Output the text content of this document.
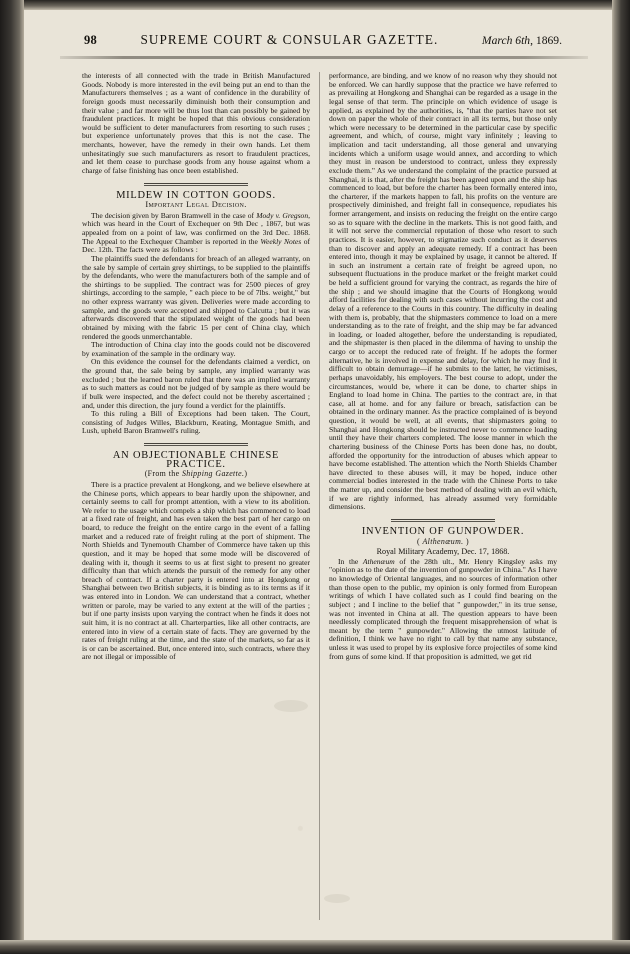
98	SUPREME COURT & CONSULAR GAZETTE.	March 6th, 1869.

the interests of all connected with the trade in British Manufactured Goods. Nobody is more interested in the evil being put an end to than the Manufacturers themselves ; as a want of confidence in the durability of foreign goods must necessarily diminuish both their consumption and their value ; and far more will be thus lost than can possibly be gained by fraudulent practices. It might be hoped that this obvious consideration would be sufficient to deter manufacturers from resorting to such ruses ; but experience unfortunately proves that this is not the case. The merchants, however, have the remedy in their own hands. Let them unhesitatingly sue such manufacturers as resort to fraudulent practices, and let them cease to purchase goods from any house against whom a charge of false finishing has once been established.

MILDEW IN COTTON GOODS.
Important Legal Decision.

The decision given by Baron Bramwell in the case of Mody v. Gregson, which was heard in the Court of Exchequer on 9th Dec , 1867, but was appealed from on a point of law, was confirmed on the 3rd Dec. 1868. The Appeal to the Exchequer Chamber is reported in the Weekly Notes of Dec. 12th. The facts were as follows :

The plaintiffs sued the defendants for breach of an alleged warranty, on the sale by sample of certain grey shirtings, to be supplied to the plaintiffs by the defendants, who were the manufacturers both of the sample and of the shirtings to be supplied. The contract was for 2500 pieces of grey shirtings, according to the sample, " each piece to be of 7lbs. weight," but no other express warranty was given. Deliveries were made according to sample, and the goods were accepted and shipped to Calcutta ; but it was afterwards discovered that the stipulated weight of the goods had been obtained by mixing with the fabric 15 per cent of China clay, which rendered the goods unmerchantable.

The introduction of China clay into the goods could not be discovered by examination of the sample in the ordinary way.

On this evidence the counsel for the defendants claimed a verdict, on the ground that, the sale being by sample, any implied warranty was excluded ; but the learned baron ruled that there was an implied warranty as to such matters as could not be judged of by sample as there would be if bulk were inspected, and the defect could not be thereby ascertained ; and, under this direction, the jury found a verdict for the plaintiffs.

To this ruling a Bill of Exceptions had been taken. The Court, consisting of Judges Willes, Blackburn, Keating, Montague Smith, and Lush, upheld Baron Bramwell's ruling.

AN OBJECTIONABLE CHINESE PRACTICE.
(From the Shipping Gazette.)

There is a practice prevalent at Hongkong, and we believe elsewhere at the Chinese ports, which appears to bear hardly upon the shipowner, and certainly seems to call for prompt attention, with a view to its abolition. We refer to the usage which compels a ship which has commenced to load at a fixed rate of freight, and has even taken the best part of her cargo on board, to reduce the freight on the entire cargo in the event of a falling market and a reduced rate of freight ruling at the port of shipment. The North Shields and Tynemouth Chamber of Commerce have taken up this question, and it may be hoped that some mode will be discovered of dealing with it, though it seems to us at first sight to present no greater difficulty than that which attends the pursuit of the remedy for any other breach of contract. If a charter party is entered into at Hongkong or Shanghai between two British subjects, it is binding as to its terms as if it was entered into in London. We can understand that a contract, whether written or parole, may be varied to any extent at the will of the parties ; but if one party insists upon varying the contract when he finds it does not suit him, it is no contract at all. Charterparties, like all other contracts, are entered into in view of a certain state of facts. They are governed by the rates of freight ruling at the time, and the state of the markets, so far as it is or can be ascertained. But, once entered into, such contracts, where they are not illegal or impossible of

performance, are binding, and we know of no reason why they should not be enforced. We can hardly suppose that the practice we have referred to as prevailing at Hongkong and Shanghai can be regarded as a usage in the legal sense of that term. The principle on which evidence of usage is applied, as explained by the authorities, is, "that the parties have not set down on paper the whole of their contract in all its terms, but those only which were necessary to be determined in the particular case by specific agreement, and which, of course, might vary infinitely ; leaving to implication and tacit understanding, all those general and unvarying incidents which a uniform usage would annex, and according to which they must in reason be understood to contract, unless they expressly exclude them." As we understand the complaint of the practice pursued at Shanghai, it is that, after the freight has been agreed upon and the ship has commenced to load, but before the charter has been formally entered into, the charterer, if the markets happen to fall, his profits on the venture are prospectively diminished, and freight fall in consequence, repudiates his former arrangement, and insists on reducing the freight on the entire cargo so as to square with the decline in the markets. This is not good faith, and it will not serve the commercial reputation of those who resort to such practices. It is easier, however, to stigmatize such conduct as it deserves than to discover and apply an adequate remedy. If a contract has been entered into, though it may be explained by usage, it cannot be altered. If in such an instrument a certain rate of freight be agreed upon, no subsequent fluctuations in the produce market or the freight market could be held a sufficient ground for varying the contract, as regards the hire of the ship ; and we should imagine that the Courts of Hongkong would afford facilities for dealing with such cases without incurring the cost and delay of a reference to the Courts in this country. The difficulty in dealing with them is, probably, that the shipmasters commence to load on a mere understanding as to the rate of freight, and the ship may be far advanced in loading, or loaded altogether, before the understanding is repudiated, and the shipmaster is then placed in the dilemma of having to unship the cargo or to accept the reduced rate of freight. If he adopts the former alternative, he is involved in expense and delay, for which he may find it difficult to obtain demurrage—if he submits to the latter, he victimises, perhaps unavoidably, his employers. The best course to adopt, under the circumstances, would be, where it can be done, to charter ships in England to load home in China. The parties to the contract are, in that case, all at home. and for any failure or breach, satisfaction can be obtained in the ordinary manner. As the practice complained of is beyond question, it would be well, at all events, that shipmasters going to Shanghai and Hongkong should be instructed never to commence loading until they have their charters completed. The loose manner in which the chartering business of the Chinese Ports has been done has, no doubt, afforded the opportunity for the introduction of abuses which appear to have become established. The attention which the North Shields Chamber have directed to these abuses will, it may be hoped, induce other commercial bodies interested in the trade with the Chinese Ports to take the matter up, and consider the best method of dealing with an evil which, if we are rightly informed, has already assumed very formidable dimensions.

INVENTION OF GUNPOWDER.
( Althenæum. )
Royal Military Academy, Dec. 17, 1868.

In the Athenæum of the 28th ult., Mr. Henry Kingsley asks my "opinion as to the date of the invention of gunpowder in China." As I have no knowledge of Oriental languages, and no sources of information other than those open to the public, my opinion is only formed from European writings of which I have collated such as I could find bearing on the subject ; and I incline to the belief that " gunpowder," in its true sense, was not invented in China at all. The question appears to have been needlessly complicated through the frequent misapprehension of what is meant by the term " gunpowder." Allowing the utmost latitude of definition, I think we have no right to call by that name any substance, unless it was used to propel by its explosive force projectiles of some kind from guns of some kind. If that proposition is admitted, we get rid
